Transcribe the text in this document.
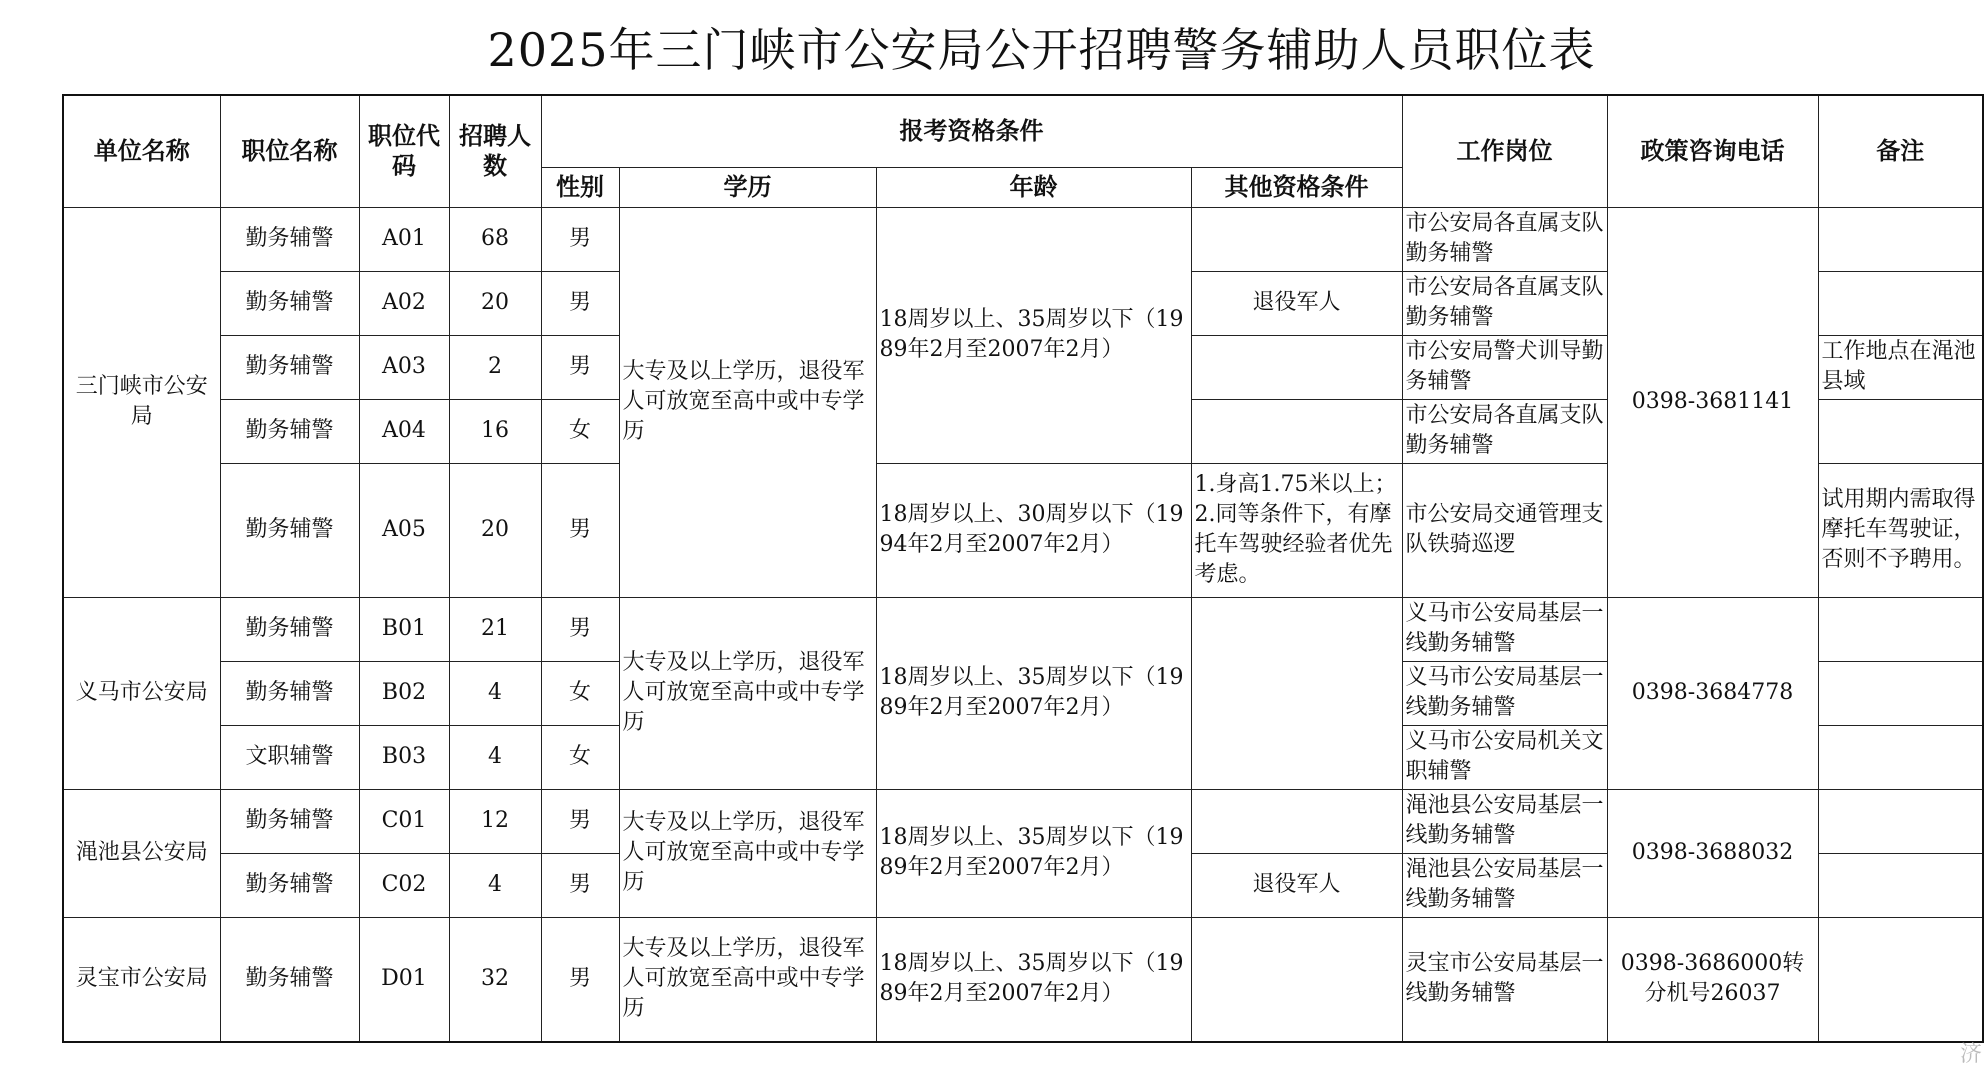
2025年三门峡市公安局公开招聘警务辅助人员职位表
单位名称	职位名称	职位代码	招聘人数	报考资格条件				工作岗位	政策咨询电话	备注
				性别	学历	年龄	其他资格条件			
三门峡市公安局	勤务辅警	A01	68	男	大专及以上学历，退役军人可放宽至高中或中专学历	18周岁以上、35周岁以下（1989年2月至2007年2月）		市公安局各直属支队勤务辅警	0398-3681141	
	勤务辅警	A02	20	男			退役军人	市公安局各直属支队勤务辅警		
	勤务辅警	A03	2	男				市公安局警犬训导勤务辅警		工作地点在渑池县域
	勤务辅警	A04	16	女				市公安局各直属支队勤务辅警		
	勤务辅警	A05	20	男		18周岁以上、30周岁以下（1994年2月至2007年2月）	1.身高1.75米以上；2.同等条件下，有摩托车驾驶经验者优先考虑。	市公安局交通管理支队铁骑巡逻		试用期内需取得摩托车驾驶证，否则不予聘用。
义马市公安局	勤务辅警	B01	21	男	大专及以上学历，退役军人可放宽至高中或中专学历	18周岁以上、35周岁以下（1989年2月至2007年2月）		义马市公安局基层一线勤务辅警	0398-3684778	
	勤务辅警	B02	4	女				义马市公安局基层一线勤务辅警		
	文职辅警	B03	4	女				义马市公安局机关文职辅警		
渑池县公安局	勤务辅警	C01	12	男	大专及以上学历，退役军人可放宽至高中或中专学历	18周岁以上、35周岁以下（1989年2月至2007年2月）		渑池县公安局基层一线勤务辅警	0398-3688032	
	勤务辅警	C02	4	男			退役军人	渑池县公安局基层一线勤务辅警		
灵宝市公安局	勤务辅警	D01	32	男	大专及以上学历，退役军人可放宽至高中或中专学历	18周岁以上、35周岁以下（1989年2月至2007年2月）		灵宝市公安局基层一线勤务辅警	0398-3686000转分机号26037	
济
